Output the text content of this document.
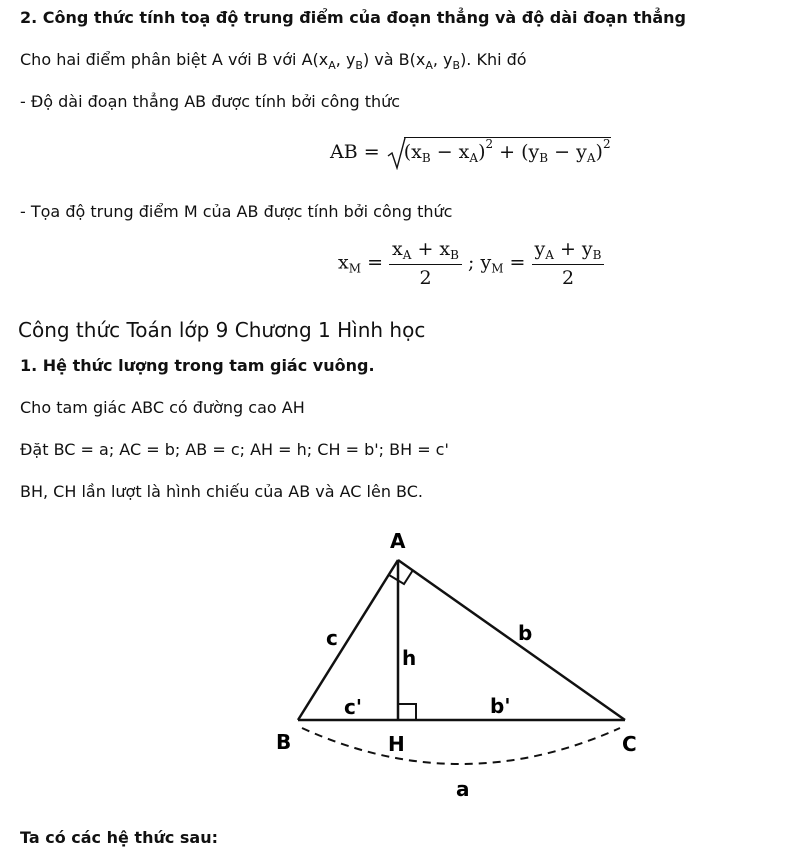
2. Công thức tính toạ độ trung điểm của đoạn thẳng và độ dài đoạn thẳng
Cho hai điểm phân biệt A với B với $A(x_A$, $y_B$) và $B(x_A$, $y_B$). Khi đó
- Độ dài đoạn thẳng AB được tính bởi công thức
AB = $(x_B - x_A)^2 + (y_B - y_A)^2$
- Tọa độ trung điểm M của AB được tính bởi công thức
$x_M = \frac{x_A + x_B}{2}$ ; $y_M = \frac{y_A + y_B}{2}$
Công thức Toán lớp 9 Chương 1 Hình học
1. Hệ thức lượng trong tam giác vuông.
Cho tam giác ABC có đường cao AH
Đặt BC = a; AC = b; AB = c; AH = h; CH = b'; BH = c'
BH, CH lần lượt là hình chiếu của AB và AC lên BC.
A
B	C
H
c	b
h
c'	b'
a
Ta có các hệ thức sau:
